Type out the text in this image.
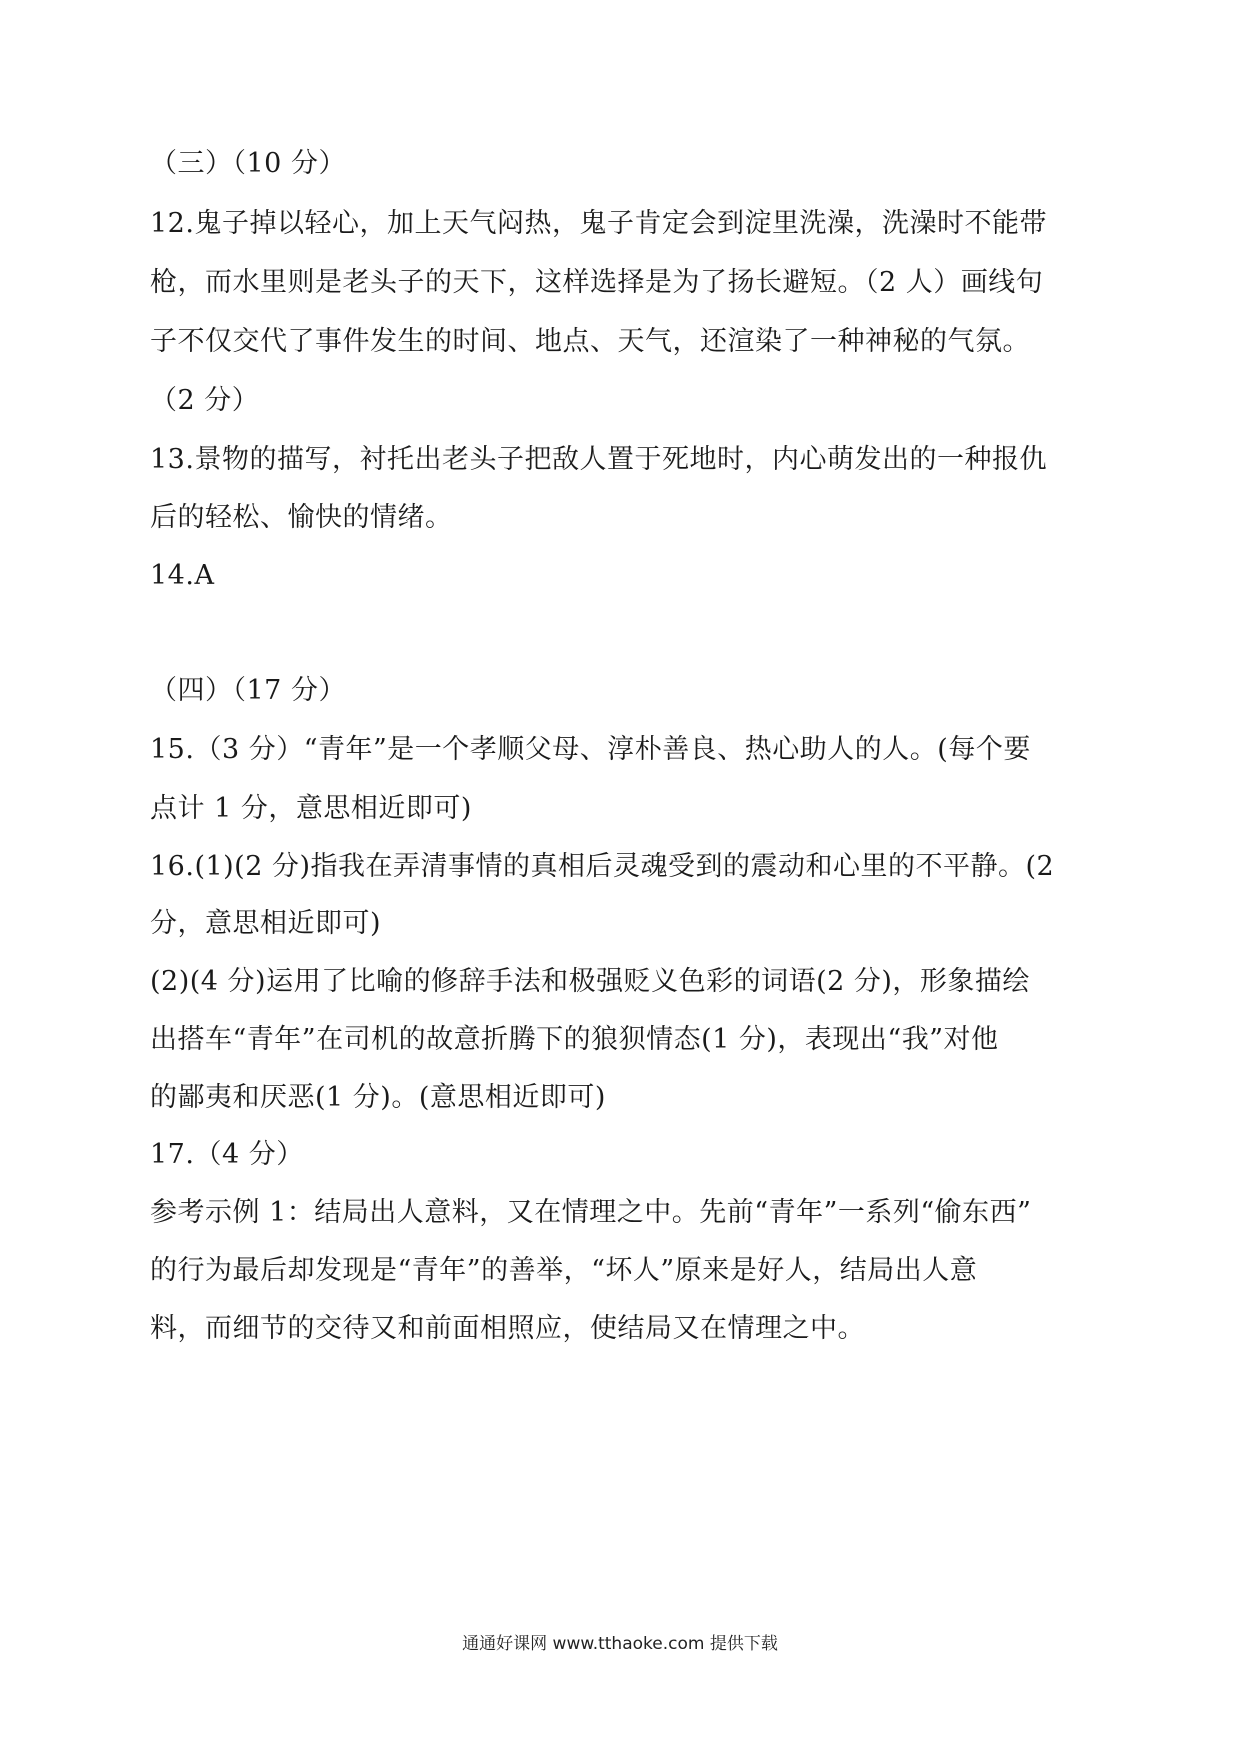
（三）（10 分）
12.鬼子掉以轻心，加上天气闷热，鬼子肯定会到淀里洗澡，洗澡时不能带
枪，而水里则是老头子的天下，这样选择是为了扬长避短。（2 人）画线句
子不仅交代了事件发生的时间、地点、天气，还渲染了一种神秘的气氛。
（2 分）
13.景物的描写，衬托出老头子把敌人置于死地时，内心萌发出的一种报仇
后的轻松、愉快的情绪。
14.A
（四）（17 分）
15.（3 分）“青年”是一个孝顺父母、淳朴善良、热心助人的人。(每个要
点计 1 分，意思相近即可)
16.(1)(2 分)指我在弄清事情的真相后灵魂受到的震动和心里的不平静。(2
分，意思相近即可)
(2)(4 分)运用了比喻的修辞手法和极强贬义色彩的词语(2 分)，形象描绘
出搭车“青年”在司机的故意折腾下的狼狈情态(1 分)，表现出“我”对他
的鄙夷和厌恶(1 分)。(意思相近即可)
17.（4 分）
参考示例 1：结局出人意料，又在情理之中。先前“青年”一系列“偷东西”
的行为最后却发现是“青年”的善举，“坏人”原来是好人，结局出人意
料，而细节的交待又和前面相照应，使结局又在情理之中。
通通好课网 www.tthaoke.com 提供下载
